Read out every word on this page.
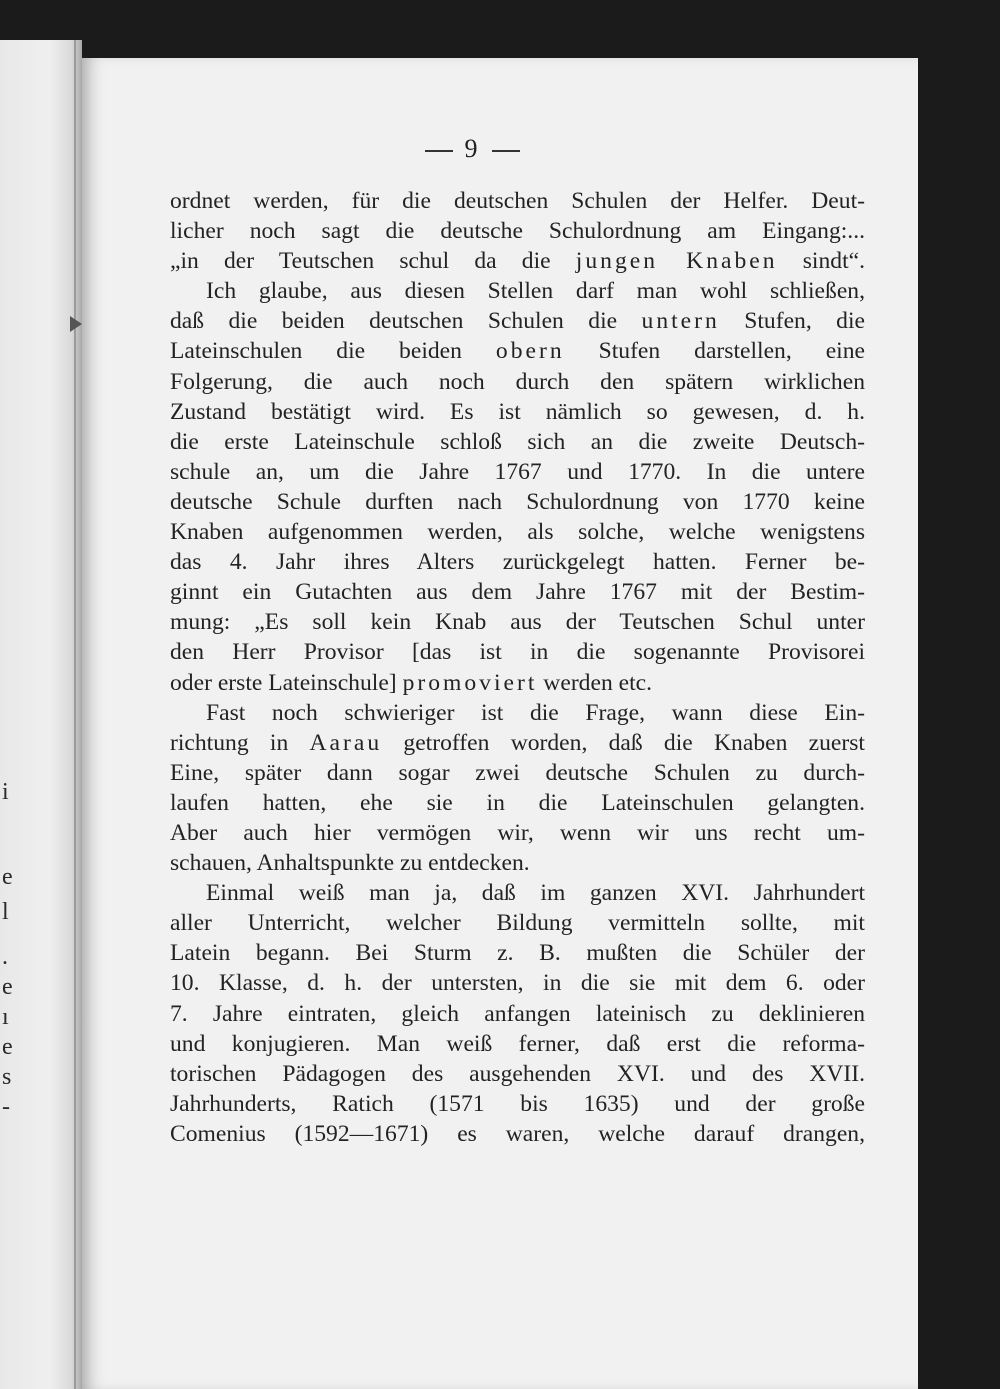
i
e
l
.
e
ı
e
s
-
9
ordnet werden, für die deutschen Schulen der Helfer. Deut-
licher noch sagt die deutsche Schulordnung am Eingang:...
„in der Teutschen schul da die jungen Knaben sindt“.
Ich glaube, aus diesen Stellen darf man wohl schließen,
daß die beiden deutschen Schulen die untern Stufen, die
Lateinschulen die beiden obern Stufen darstellen, eine
Folgerung, die auch noch durch den spätern wirklichen
Zustand bestätigt wird. Es ist nämlich so gewesen, d. h.
die erste Lateinschule schloß sich an die zweite Deutsch-
schule an, um die Jahre 1767 und 1770. In die untere
deutsche Schule durften nach Schulordnung von 1770 keine
Knaben aufgenommen werden, als solche, welche wenigstens
das 4. Jahr ihres Alters zurückgelegt hatten. Ferner be-
ginnt ein Gutachten aus dem Jahre 1767 mit der Bestim-
mung: „Es soll kein Knab aus der Teutschen Schul unter
den Herr Provisor [das ist in die sogenannte Provisorei
oder erste Lateinschule] promoviert werden etc.
Fast noch schwieriger ist die Frage, wann diese Ein-
richtung in Aarau getroffen worden, daß die Knaben zuerst
Eine, später dann sogar zwei deutsche Schulen zu durch-
laufen hatten, ehe sie in die Lateinschulen gelangten.
Aber auch hier vermögen wir, wenn wir uns recht um-
schauen, Anhaltspunkte zu entdecken.
Einmal weiß man ja, daß im ganzen XVI. Jahrhundert
aller Unterricht, welcher Bildung vermitteln sollte, mit
Latein begann. Bei Sturm z. B. mußten die Schüler der
10. Klasse, d. h. der untersten, in die sie mit dem 6. oder
7. Jahre eintraten, gleich anfangen lateinisch zu deklinieren
und konjugieren. Man weiß ferner, daß erst die reforma-
torischen Pädagogen des ausgehenden XVI. und des XVII.
Jahrhunderts, Ratich (1571 bis 1635) und der große
Comenius (1592—1671) es waren, welche darauf drangen,
